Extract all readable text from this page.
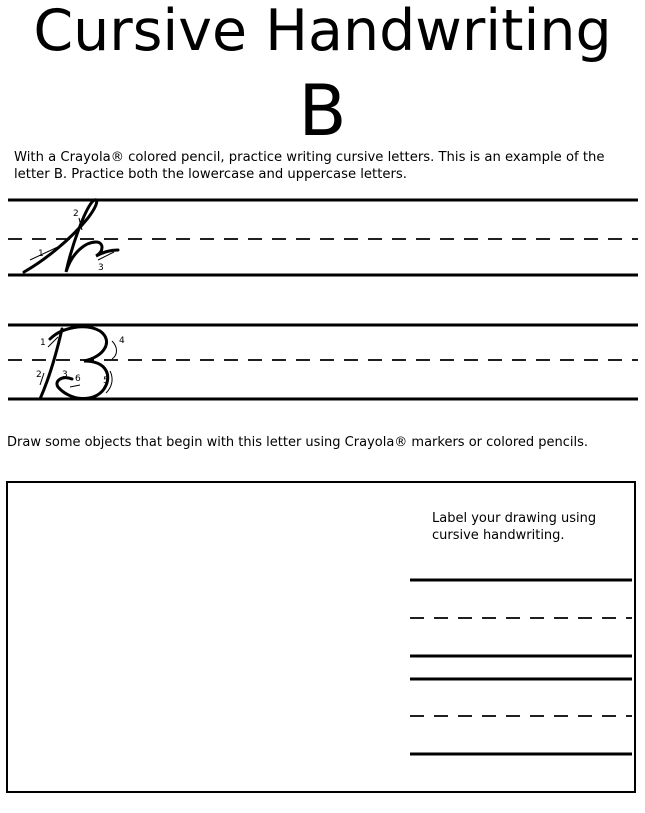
Cursive Handwriting
B

With a Crayola® colored pencil, practice writing cursive letters. This is an example of the letter B. Practice both the lowercase and uppercase letters.

1
2
3
1
2 3
4
5
6

Draw some objects that begin with this letter using Crayola® markers or colored pencils.

Label your drawing using cursive handwriting.
